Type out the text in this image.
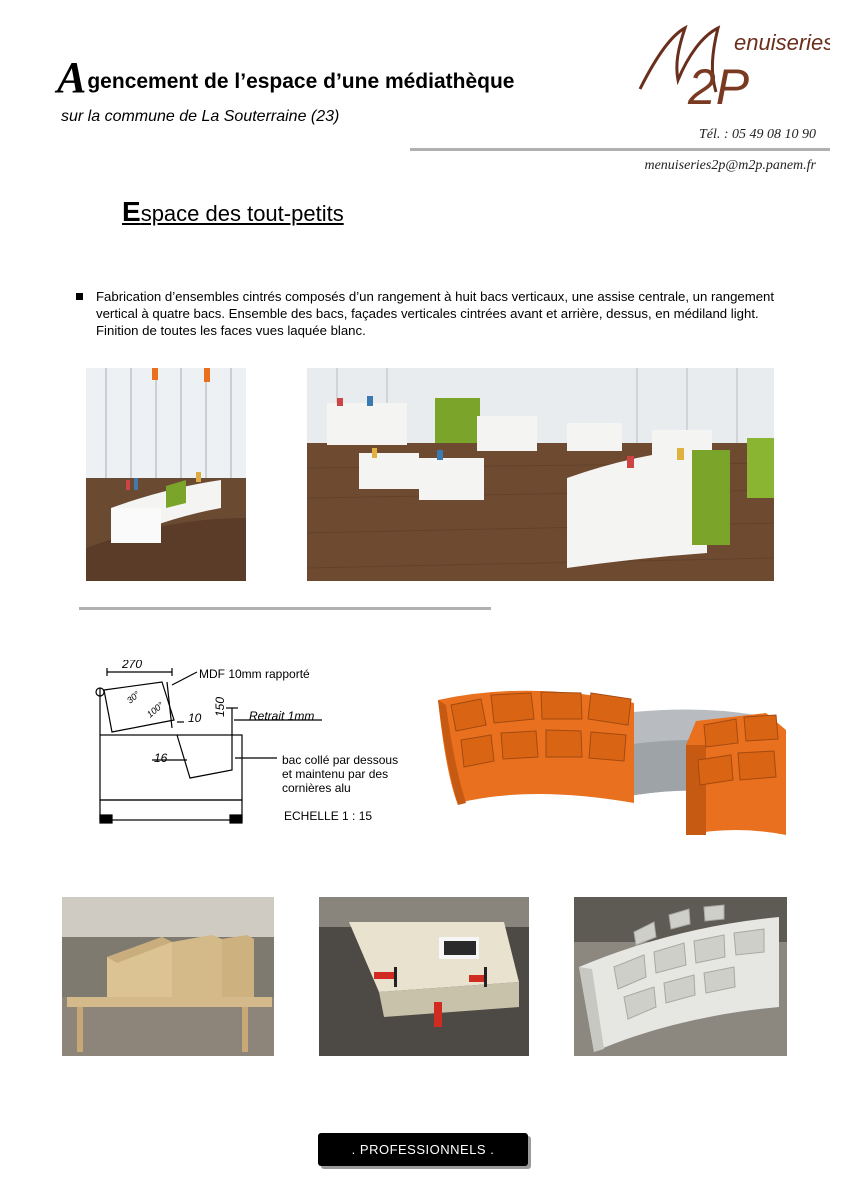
Agencement de l’espace d’une médiathèque
sur la commune de La Souterraine (23)
enuiseries
2P
Tél. : 05 49 08 10 90
menuiseries2p@m2p.panem.fr
Espace des tout-petits
Fabrication d’ensembles cintrés composés d’un rangement à huit bacs verticaux, une assise centrale, un rangement vertical à quatre bacs. Ensemble des bacs, façades verticales cintrées avant et arrière, dessus, en médiland light. Finition de toutes les faces vues laquée blanc.
270
MDF 10mm rapporté
10
150 Retrait 1mm
30°
100°
16	bac collé par dessous
et maintenu par des
cornières alu
ECHELLE 1 : 15
. PROFESSIONNELS .
